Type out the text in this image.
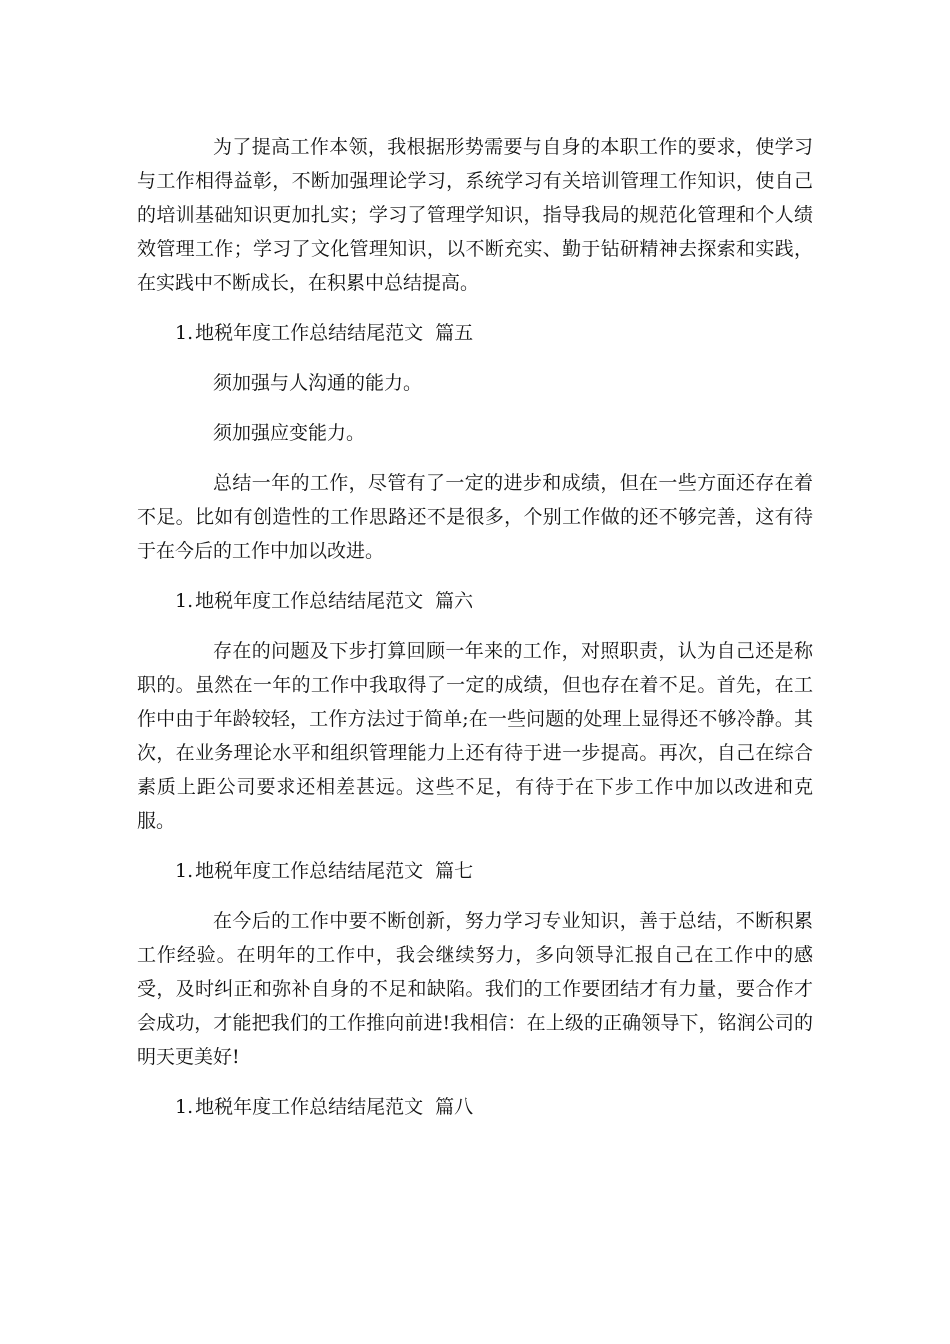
为了提高工作本领，我根据形势需要与自身的本职工作的要求，使学习与工作相得益彰，不断加强理论学习，系统学习有关培训管理工作知识，使自己的培训基础知识更加扎实；学习了管理学知识，指导我局的规范化管理和个人绩效管理工作；学习了文化管理知识，以不断充实、勤于钻研精神去探索和实践，在实践中不断成长，在积累中总结提高。

1. 地税年度工作总结结尾范文 篇五

须加强与人沟通的能力。

须加强应变能力。

总结一年的工作，尽管有了一定的进步和成绩，但在一些方面还存在着不足。比如有创造性的工作思路还不是很多，个别工作做的还不够完善，这有待于在今后的工作中加以改进。

1. 地税年度工作总结结尾范文 篇六

存在的问题及下步打算回顾一年来的工作，对照职责，认为自己还是称职的。虽然在一年的工作中我取得了一定的成绩，但也存在着不足。首先，在工作中由于年龄较轻，工作方法过于简单;在一些问题的处理上显得还不够冷静。其次，在业务理论水平和组织管理能力上还有待于进一步提高。再次，自己在综合素质上距公司要求还相差甚远。这些不足，有待于在下步工作中加以改进和克服。

1. 地税年度工作总结结尾范文 篇七

在今后的工作中要不断创新，努力学习专业知识，善于总结，不断积累工作经验。在明年的工作中，我会继续努力，多向领导汇报自己在工作中的感受，及时纠正和弥补自身的不足和缺陷。我们的工作要团结才有力量，要合作才会成功，才能把我们的工作推向前进!我相信：在上级的正确领导下，铭润公司的明天更美好!

1. 地税年度工作总结结尾范文 篇八
